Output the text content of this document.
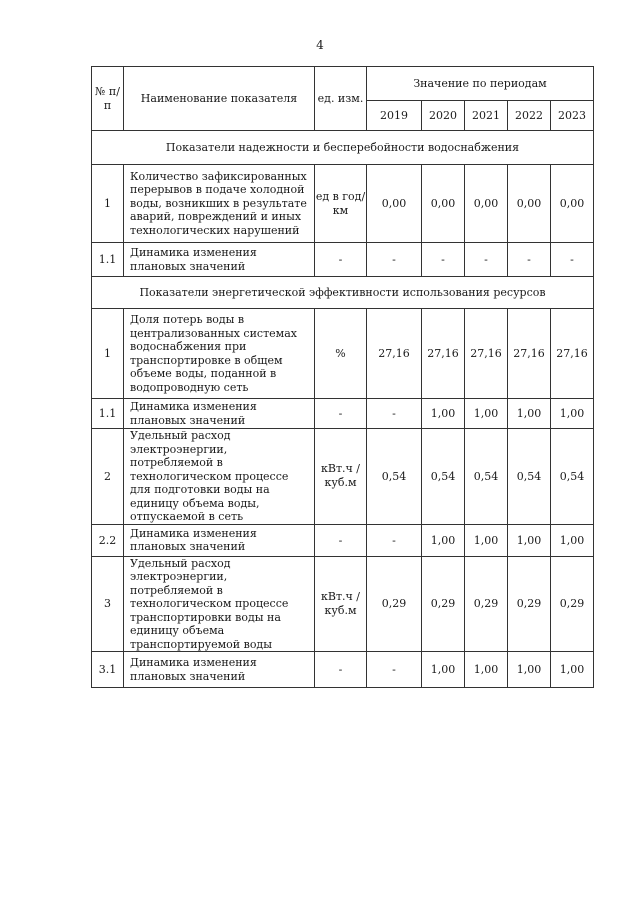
4
№ п/п	Наименование показателя	ед. изм.	Значение по периодам				
			2019	2020	2021	2022	2023
Показатели надежности и бесперебойности водоснабжения							
1	Количество зафиксированных перерывов в подаче холодной воды, возникших в результате аварий, повреждений и иных технологических нарушений	ед в год/ км	0,00	0,00	0,00	0,00	0,00
1.1	Динамика изменения плановых значений	-	-	-	-	-	-
Показатели энергетической эффективности использования ресурсов							
1	Доля потерь воды в централизованных системах водоснабжения при транспортировке в общем объеме воды, поданной в водопроводную сеть	%	27,16	27,16	27,16	27,16	27,16
1.1	Динамика изменения плановых значений	-	-	1,00	1,00	1,00	1,00
2	Удельный расход электроэнергии, потребляемой в технологическом процессе для подготовки воды на единицу объема воды, отпускаемой в сеть	кВт.ч / куб.м	0,54	0,54	0,54	0,54	0,54
2.2	Динамика изменения плановых значений	-	-	1,00	1,00	1,00	1,00
3	Удельный расход электроэнергии, потребляемой в технологическом процессе транспортировки воды на единицу объема транспортируемой воды	кВт.ч / куб.м	0,29	0,29	0,29	0,29	0,29
3.1	Динамика изменения плановых значений	-	-	1,00	1,00	1,00	1,00
